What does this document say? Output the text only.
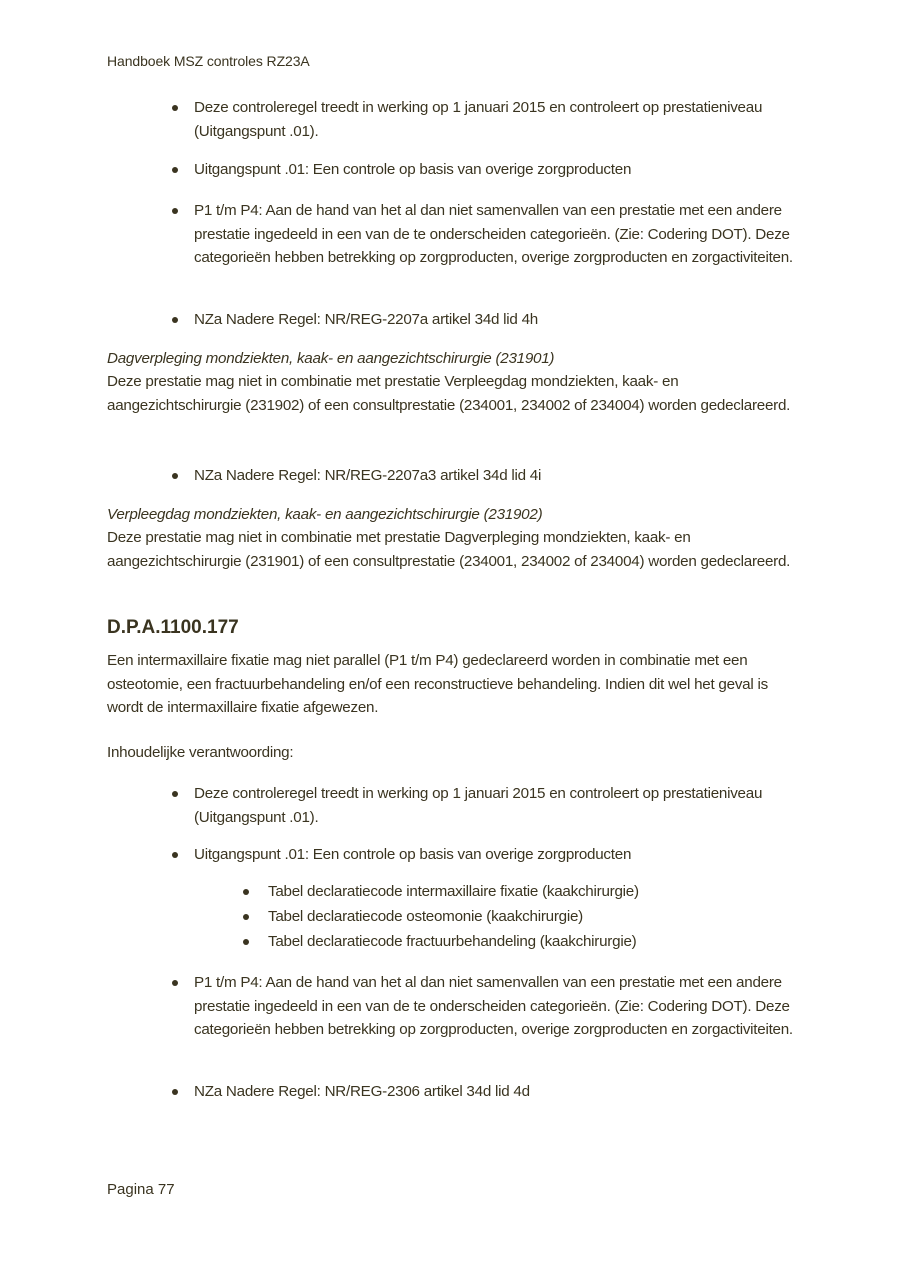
Handboek MSZ controles RZ23A
Deze controleregel treedt in werking op 1 januari 2015 en controleert op prestatieniveau (Uitgangspunt .01).
Uitgangspunt .01: Een controle op basis van overige zorgproducten
P1 t/m P4: Aan de hand van het al dan niet samenvallen van een prestatie met een andere prestatie ingedeeld in een van de te onderscheiden categorieën. (Zie: Codering DOT). Deze categorieën hebben betrekking op zorgproducten, overige zorgproducten en zorgactiviteiten.
NZa Nadere Regel: NR/REG-2207a artikel 34d lid 4h
Dagverpleging mondziekten, kaak- en aangezichtschirurgie (231901)
Deze prestatie mag niet in combinatie met prestatie Verpleegdag mondziekten, kaak- en aangezichtschirurgie (231902) of een consultprestatie (234001, 234002 of 234004) worden gedeclareerd.
NZa Nadere Regel: NR/REG-2207a3 artikel 34d lid 4i
Verpleegdag mondziekten, kaak- en aangezichtschirurgie (231902)
Deze prestatie mag niet in combinatie met prestatie Dagverpleging mondziekten, kaak- en aangezichtschirurgie (231901) of een consultprestatie (234001, 234002 of 234004) worden gedeclareerd.
D.P.A.1100.177
Een intermaxillaire fixatie mag niet parallel (P1 t/m P4) gedeclareerd worden in combinatie met een osteotomie, een fractuurbehandeling en/of een reconstructieve behandeling. Indien dit wel het geval is wordt de intermaxillaire fixatie afgewezen.
Inhoudelijke verantwoording:
Deze controleregel treedt in werking op 1 januari 2015 en controleert op prestatieniveau (Uitgangspunt .01).
Uitgangspunt .01: Een controle op basis van overige zorgproducten
Tabel declaratiecode intermaxillaire fixatie (kaakchirurgie)
Tabel declaratiecode osteomonie (kaakchirurgie)
Tabel declaratiecode fractuurbehandeling (kaakchirurgie)
P1 t/m P4: Aan de hand van het al dan niet samenvallen van een prestatie met een andere prestatie ingedeeld in een van de te onderscheiden categorieën. (Zie: Codering DOT). Deze categorieën hebben betrekking op zorgproducten, overige zorgproducten en zorgactiviteiten.
NZa Nadere Regel: NR/REG-2306 artikel 34d lid 4d
Pagina 77
